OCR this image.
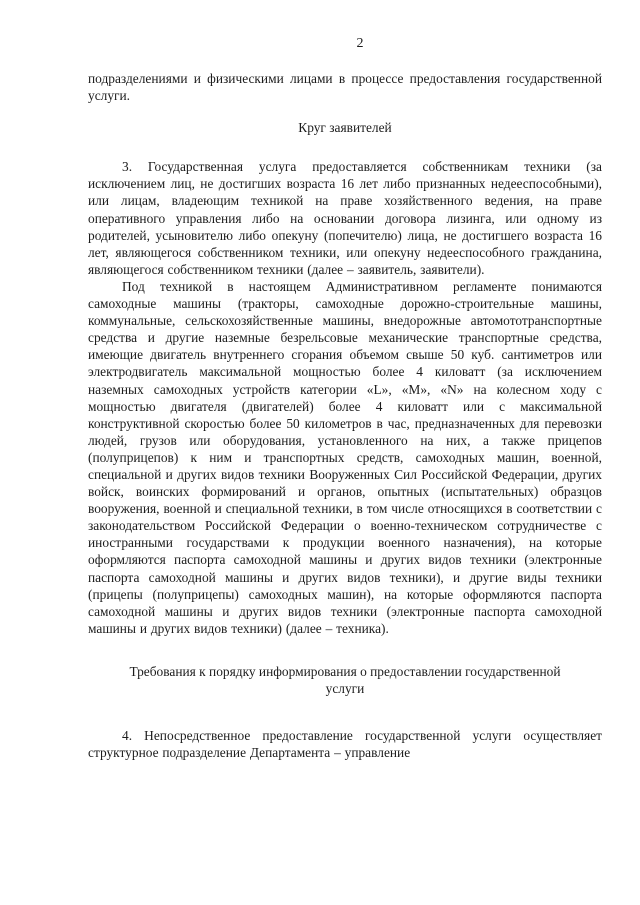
2

подразделениями и физическими лицами в процессе предоставления государственной услуги.

Круг заявителей

3. Государственная услуга предоставляется собственникам техники (за исключением лиц, не достигших возраста 16 лет либо признанных недееспособными), или лицам, владеющим техникой на праве хозяйственного ведения, на праве оперативного управления либо на основании договора лизинга, или одному из родителей, усыновителю либо опекуну (попечителю) лица, не достигшего возраста 16 лет, являющегося собственником техники, или опекуну недееспособного гражданина, являющегося собственником техники (далее – заявитель, заявители).

Под техникой в настоящем Административном регламенте понимаются самоходные машины (тракторы, самоходные дорожно-строительные машины, коммунальные, сельскохозяйственные машины, внедорожные автомототранспортные средства и другие наземные безрельсовые механические транспортные средства, имеющие двигатель внутреннего сгорания объемом свыше 50 куб. сантиметров или электродвигатель максимальной мощностью более 4 киловатт (за исключением наземных самоходных устройств категории «L», «M», «N» на колесном ходу с мощностью двигателя (двигателей) более 4 киловатт или с максимальной конструктивной скоростью более 50 километров в час, предназначенных для перевозки людей, грузов или оборудования, установленного на них, а также прицепов (полуприцепов) к ним и транспортных средств, самоходных машин, военной, специальной и других видов техники Вооруженных Сил Российской Федерации, других войск, воинских формирований и органов, опытных (испытательных) образцов вооружения, военной и специальной техники, в том числе относящихся в соответствии с законодательством Российской Федерации о военно-техническом сотрудничестве с иностранными государствами к продукции военного назначения), на которые оформляются паспорта самоходной машины и других видов техники (электронные паспорта самоходной машины и других видов техники), и другие виды техники (прицепы (полуприцепы) самоходных машин), на которые оформляются паспорта самоходной машины и других видов техники (электронные паспорта самоходной машины и других видов техники) (далее – техника).

Требования к порядку информирования о предоставлении государственной услуги

4. Непосредственное предоставление государственной услуги осуществляет структурное подразделение Департамента – управление
